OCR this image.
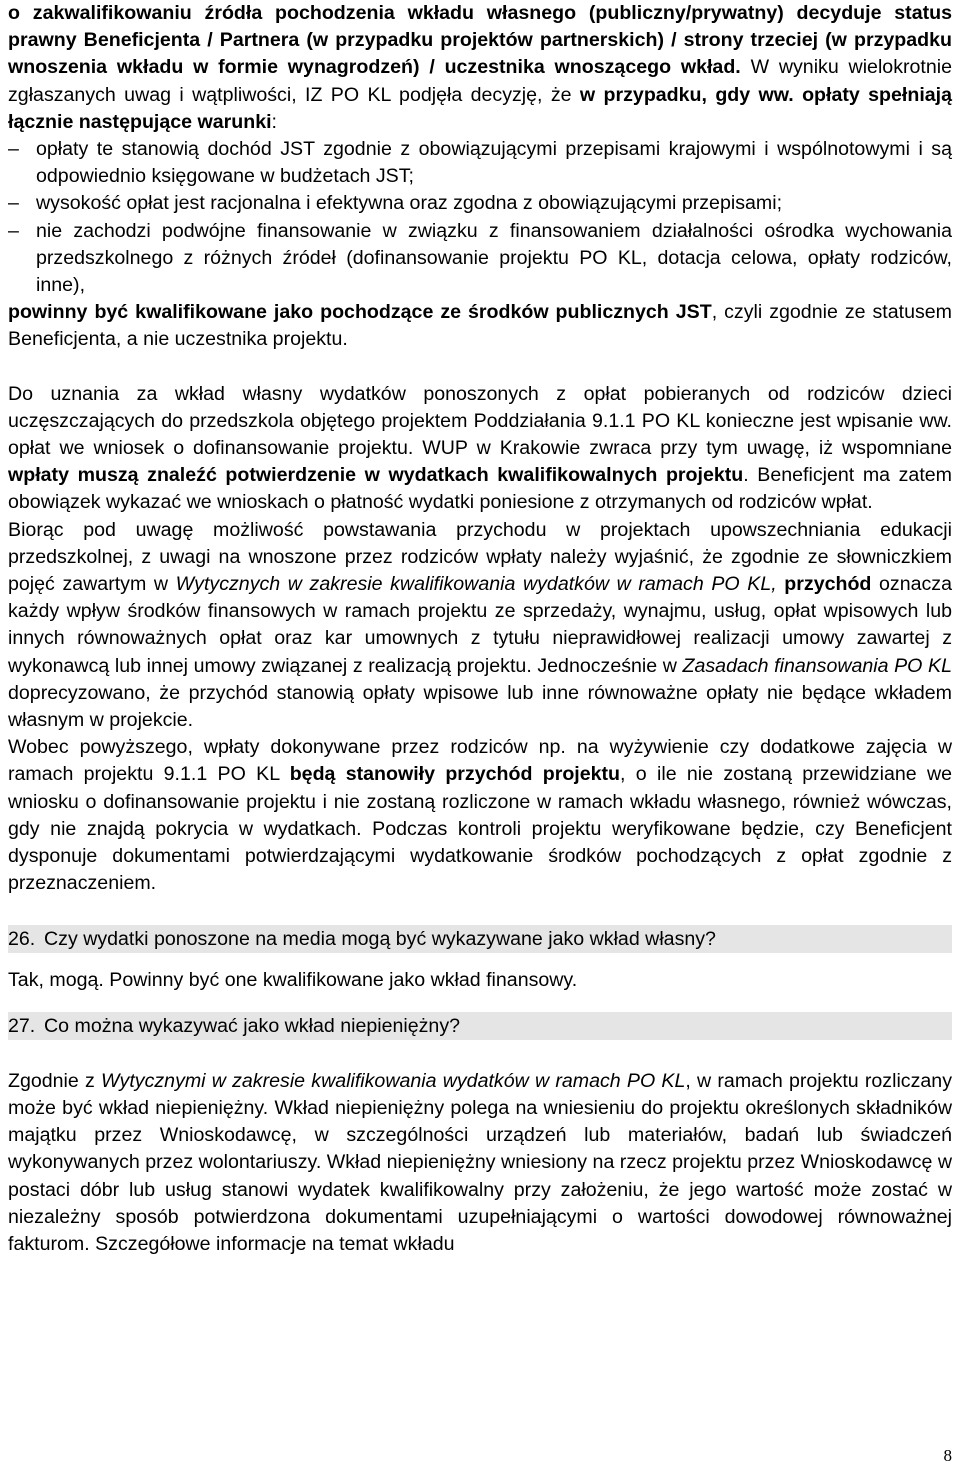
o zakwalifikowaniu źródła pochodzenia wkładu własnego (publiczny/prywatny) decyduje status prawny Beneficjenta / Partnera (w przypadku projektów partnerskich) / strony trzeciej (w przypadku wnoszenia wkładu w formie wynagrodzeń) / uczestnika wnoszącego wkład. W wyniku wielokrotnie zgłaszanych uwag i wątpliwości, IZ PO KL podjęła decyzję, że w przypadku, gdy ww. opłaty spełniają łącznie następujące warunki:

– opłaty te stanowią dochód JST zgodnie z obowiązującymi przepisami krajowymi i wspólnotowymi i są odpowiednio księgowane w budżetach JST;
– wysokość opłat jest racjonalna i efektywna oraz zgodna z obowiązującymi przepisami;
– nie zachodzi podwójne finansowanie w związku z finansowaniem działalności ośrodka wychowania przedszkolnego z różnych źródeł (dofinansowanie projektu PO KL, dotacja celowa, opłaty rodziców, inne),

powinny być kwalifikowane jako pochodzące ze środków publicznych JST, czyli zgodnie ze statusem Beneficjenta, a nie uczestnika projektu.

Do uznania za wkład własny wydatków ponoszonych z opłat pobieranych od rodziców dzieci uczęszczających do przedszkola objętego projektem Poddziałania 9.1.1 PO KL konieczne jest wpisanie ww. opłat we wniosek o dofinansowanie projektu. WUP w Krakowie zwraca przy tym uwagę, iż wspomniane wpłaty muszą znaleźć potwierdzenie w wydatkach kwalifikowalnych projektu. Beneficjent ma zatem obowiązek wykazać we wnioskach o płatność wydatki poniesione z otrzymanych od rodziców wpłat.

Biorąc pod uwagę możliwość powstawania przychodu w projektach upowszechniania edukacji przedszkolnej, z uwagi na wnoszone przez rodziców wpłaty należy wyjaśnić, że zgodnie ze słowniczkiem pojęć zawartym w Wytycznych w zakresie kwalifikowania wydatków w ramach PO KL, przychód oznacza każdy wpływ środków finansowych w ramach projektu ze sprzedaży, wynajmu, usług, opłat wpisowych lub innych równoważnych opłat oraz kar umownych z tytułu nieprawidłowej realizacji umowy zawartej z wykonawcą lub innej umowy związanej z realizacją projektu. Jednocześnie w Zasadach finansowania PO KL doprecyzowano, że przychód stanowią opłaty wpisowe lub inne równoważne opłaty nie będące wkładem własnym w projekcie.

Wobec powyższego, wpłaty dokonywane przez rodziców np. na wyżywienie czy dodatkowe zajęcia w ramach projektu 9.1.1 PO KL będą stanowiły przychód projektu, o ile nie zostaną przewidziane we wniosku o dofinansowanie projektu i nie zostaną rozliczone w ramach wkładu własnego, również wówczas, gdy nie znajdą pokrycia w wydatkach. Podczas kontroli projektu weryfikowane będzie, czy Beneficjent dysponuje dokumentami potwierdzającymi wydatkowanie środków pochodzących z opłat zgodnie z przeznaczeniem.

26. Czy wydatki ponoszone na media mogą być wykazywane jako wkład własny?

Tak, mogą. Powinny być one kwalifikowane jako wkład finansowy.

27. Co można wykazywać jako wkład niepieniężny?

Zgodnie z Wytycznymi w zakresie kwalifikowania wydatków w ramach PO KL, w ramach projektu rozliczany może być wkład niepieniężny. Wkład niepieniężny polega na wniesieniu do projektu określonych składników majątku przez Wnioskodawcę, w szczególności urządzeń lub materiałów, badań lub świadczeń wykonywanych przez wolontariuszy. Wkład niepieniężny wniesiony na rzecz projektu przez Wnioskodawcę w postaci dóbr lub usług stanowi wydatek kwalifikowalny przy założeniu, że jego wartość może zostać w niezależny sposób potwierdzona dokumentami uzupełniającymi o wartości dowodowej równoważnej fakturom. Szczegółowe informacje na temat wkładu

8
